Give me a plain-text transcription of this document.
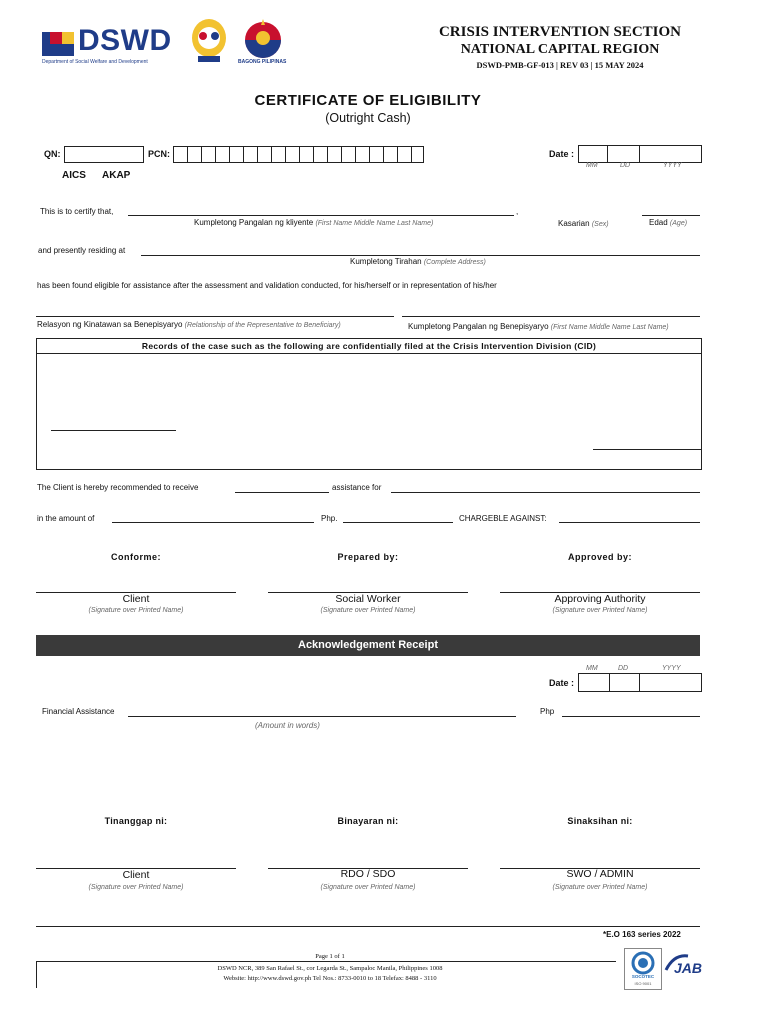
DSWD
Department of Social Welfare and Development	BAGONG PILIPINAS
CRISIS INTERVENTION SECTION
NATIONAL CAPITAL REGION
DSWD-PMB-GF-013 | REV 03 | 15 MAY 2024
CERTIFICATE OF ELIGIBILITY
(Outright Cash)
QN:	PCN:	Date :
MM	DD	YYYY
AICS AKAP
This is to certify that,	,
Kumpletong Pangalan ng kliyente (First Name Middle Name Last Name)	Kasarian (Sex)	Edad (Age)
and presently residing at
Kumpletong Tirahan (Complete Address)
has been found eligible for assistance after the assessment and validation conducted, for his/herself or in representation of his/her
Relasyon ng Kinatawan sa Benepisyaryo (Relationship of the Representative to Beneficiary)	Kumpletong Pangalan ng Benepisyaryo (First Name Middle Name Last Name)
Records of the case such as the following are confidentially filed at the Crisis Intervention Division (CID)
The Client is hereby recommended to receive	assistance for
in the amount of	Php.	CHARGEBLE AGAINST:
Conforme:	Prepared by:	Approved by:
Client	Social Worker	Approving Authority
(Signature over Printed Name)	(Signature over Printed Name)	(Signature over Printed Name)
Acknowledgement Receipt
MM	DD	YYYY
Date :
Financial Assistance	Php
(Amount in words)
Tinanggap ni:	Binayaran ni:	Sinaksihan ni:
Client	RDO / SDO	SWO / ADMIN
(Signature over Printed Name)	(Signature over Printed Name)	(Signature over Printed Name)
*E.O 163 series 2022
Page 1 of 1
DSWD NCR, 389 San Rafael St., cor Legarda St., Sampaloc Manila, Philippines 1008
Website: http://www.dswd.gov.ph Tel Nos.: 8733-0010 to 18 Telefax: 8488 - 3110	SOCOTEC
ISO 9001
JAB
